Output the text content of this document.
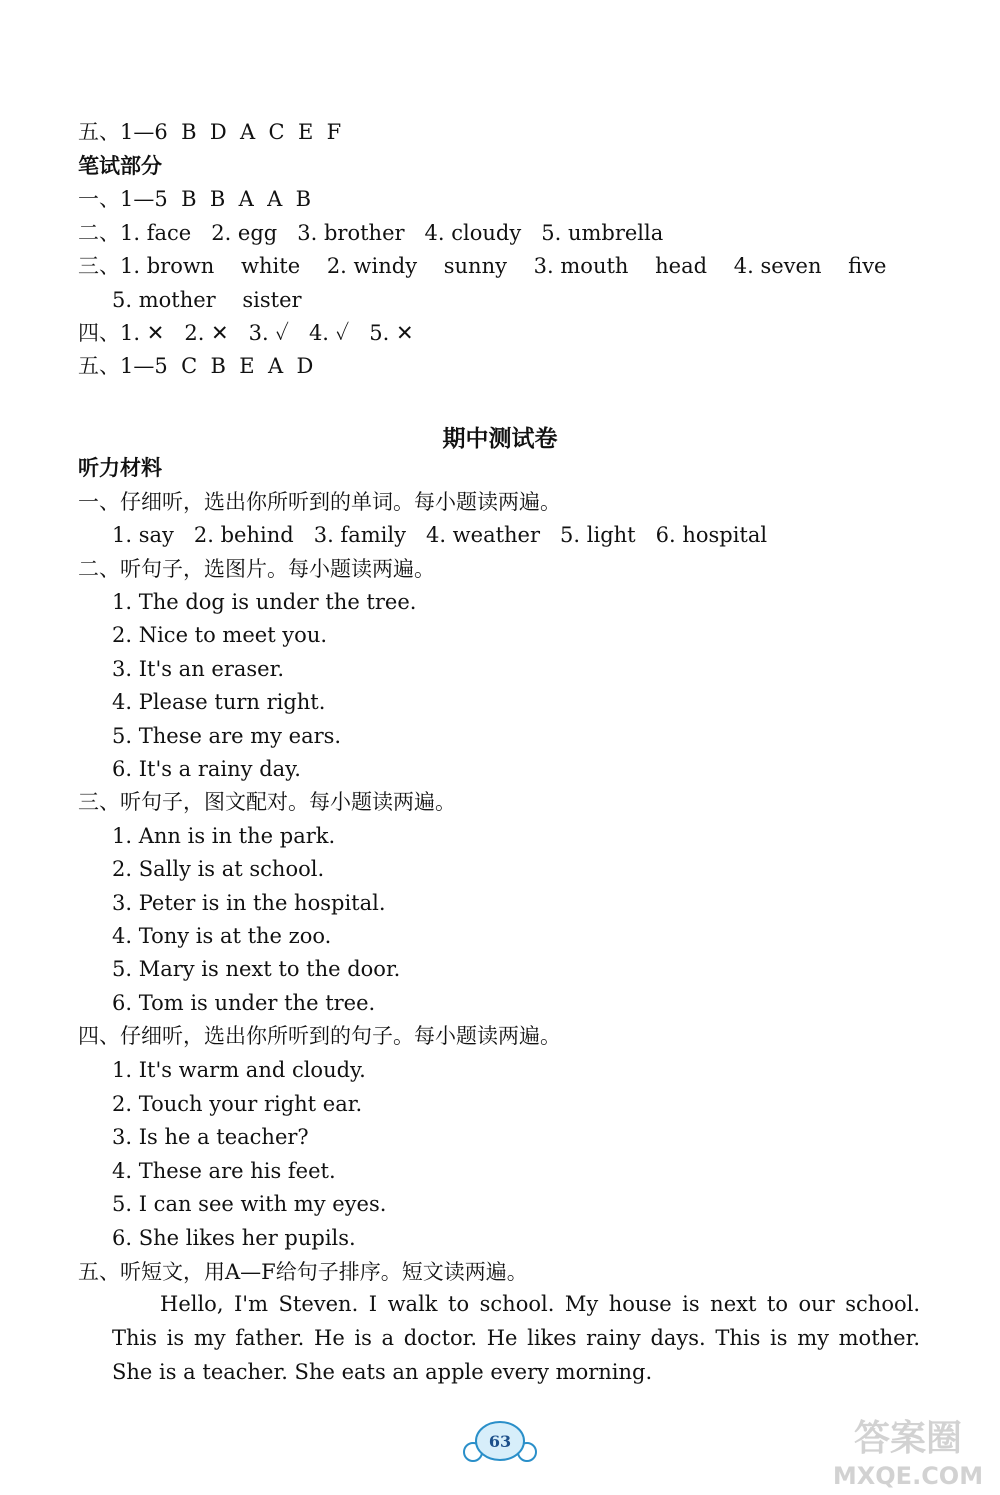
五、1—6  B  D  A  C  E  F
笔试部分
一、1—5  B  B  A  A  B
二、1. face   2. egg   3. brother   4. cloudy   5. umbrella
三、1. brown    white    2. windy    sunny    3. mouth    head    4. seven    five
5. mother    sister
四、1. ✕   2. ✕   3. ✓   4. ✓   5. ✕
五、1—5  C  B  E  A  D
期中测试卷
听力材料
一、仔细听，选出你所听到的单词。每小题读两遍。
1. say   2. behind   3. family   4. weather   5. light   6. hospital
二、听句子，选图片。每小题读两遍。
1. The dog is under the tree.
2. Nice to meet you.
3. It's an eraser.
4. Please turn right.
5. These are my ears.
6. It's a rainy day.
三、听句子，图文配对。每小题读两遍。
1. Ann is in the park.
2. Sally is at school.
3. Peter is in the hospital.
4. Tony is at the zoo.
5. Mary is next to the door.
6. Tom is under the tree.
四、仔细听，选出你所听到的句子。每小题读两遍。
1. It's warm and cloudy.
2. Touch your right ear.
3. Is he a teacher?
4. These are his feet.
5. I can see with my eyes.
6. She likes her pupils.
五、听短文，用A—F给句子排序。短文读两遍。
Hello, I'm Steven. I walk to school. My house is next to our school. This is my father. He is a doctor. He likes rainy days. This is my mother. She is a teacher. She eats an apple every morning.
63	答案圈
MXQE.COM
